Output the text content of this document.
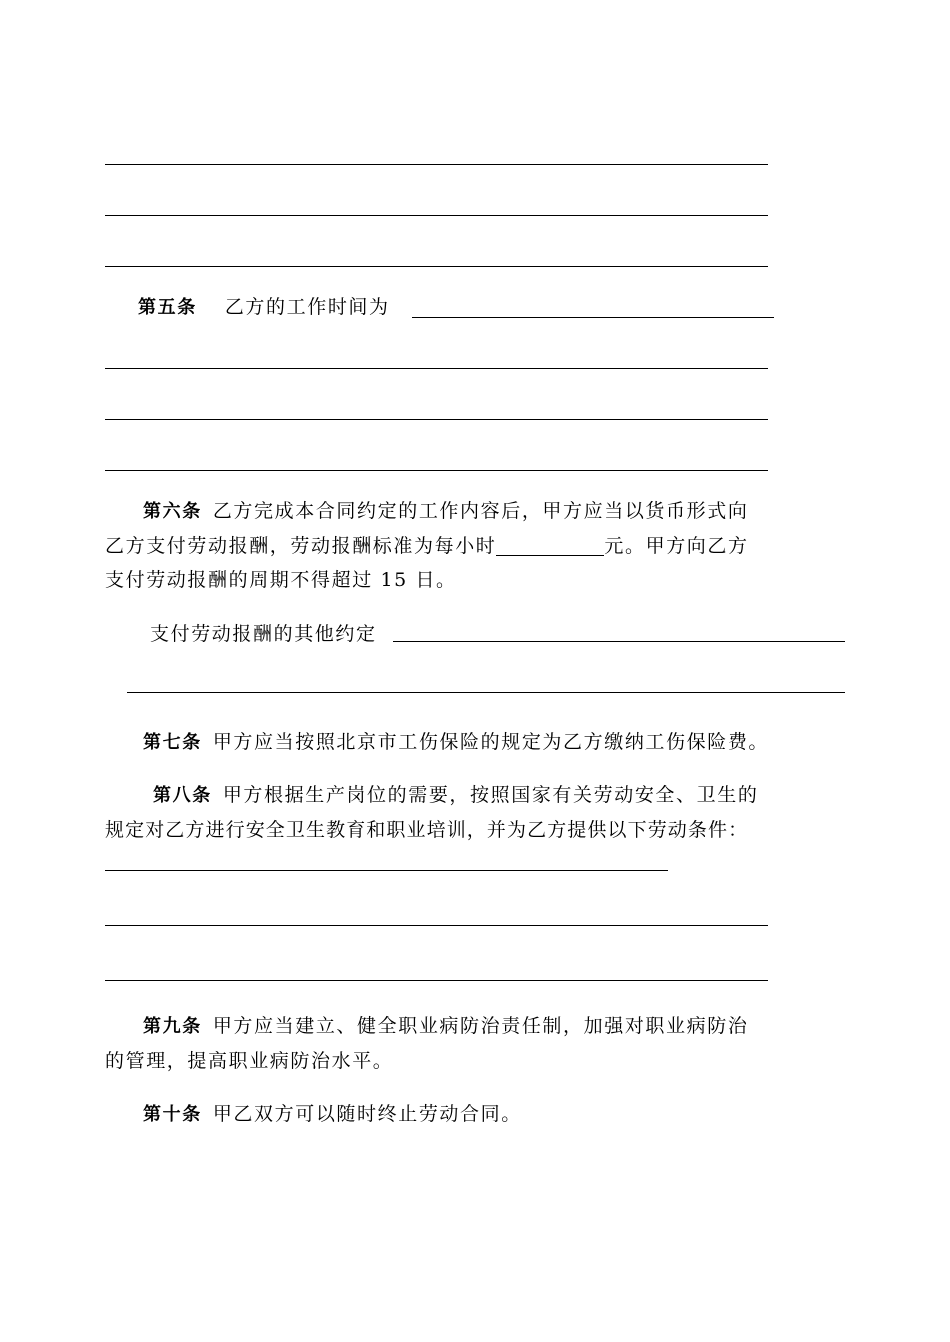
第五条 乙方的工作时间为
第六条 乙方完成本合同约定的工作内容后，甲方应当以货币形式向
乙方支付劳动报酬，劳动报酬标准为每小时	元。甲方向乙方
支付劳动报酬的周期不得超过 15 日。
支付劳动报酬的其他约定
第七条 甲方应当按照北京市工伤保险的规定为乙方缴纳工伤保险费。
第八条 甲方根据生产岗位的需要，按照国家有关劳动安全、卫生的
规定对乙方进行安全卫生教育和职业培训，并为乙方提供以下劳动条件：
第九条 甲方应当建立、健全职业病防治责任制，加强对职业病防治
的管理，提高职业病防治水平。
第十条 甲乙双方可以随时终止劳动合同。
